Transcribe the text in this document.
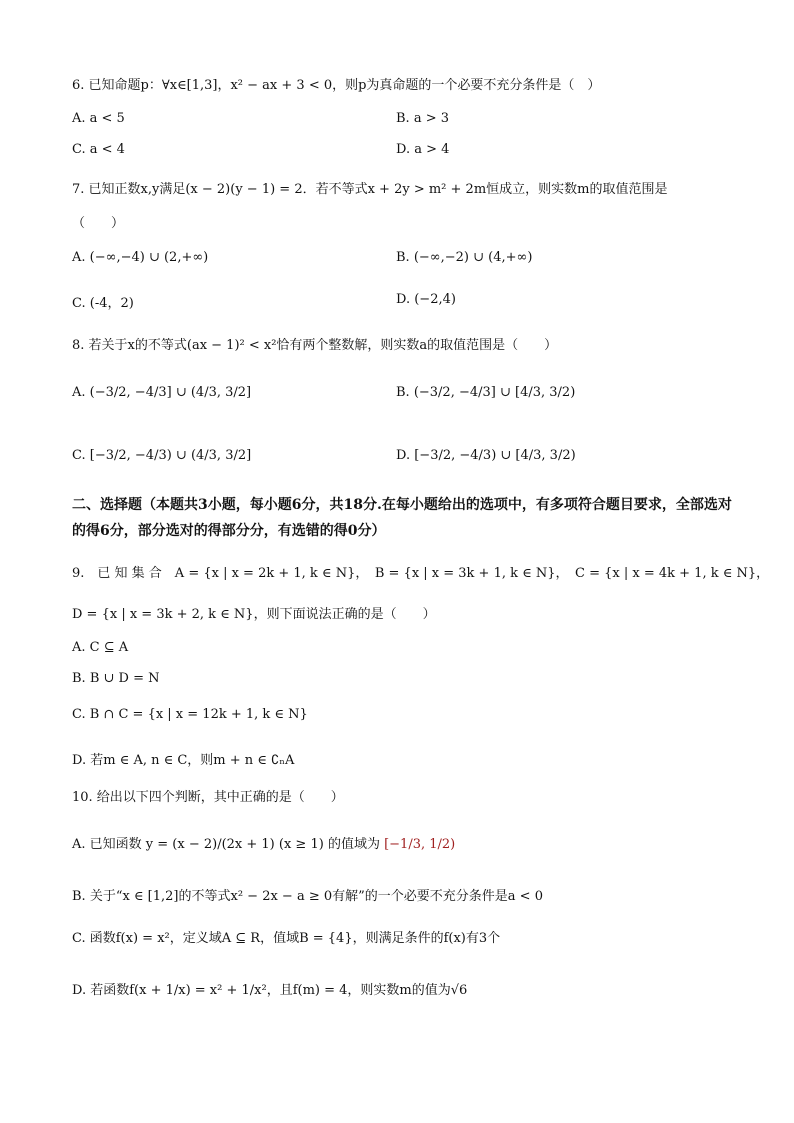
6. 已知命题p：∀x∈[1,3]，x² − ax + 3 < 0，则p为真命题的一个必要不充分条件是（　）
A. a < 5	B. a > 3
C. a < 4	D. a > 4
7. 已知正数x,y满足(x − 2)(y − 1) = 2．若不等式x + 2y > m² + 2m恒成立，则实数m的取值范围是
（　　）
A. (−∞,−4) ∪ (2,+∞)	B. (−∞,−2) ∪ (4,+∞)
C. (-4，2)	D. (−2,4)
8. 若关于x的不等式(ax − 1)² < x²恰有两个整数解，则实数a的取值范围是（　　）
A. (−3/2, −4/3] ∪ (4/3, 3/2]	B. (−3/2, −4/3] ∪ [4/3, 3/2)
C. [−3/2, −4/3) ∪ (4/3, 3/2]	D. [−3/2, −4/3) ∪ [4/3, 3/2)
二、选择题（本题共3小题，每小题6分，共18分.在每小题给出的选项中，有多项符合题目要求，全部选对的得6分，部分选对的得部分分，有选错的得0分）
9.　已 知 集 合　A = {x | x = 2k + 1, k ∈ N}，　B = {x | x = 3k + 1, k ∈ N}，　C = {x | x = 4k + 1, k ∈ N}，
D = {x | x = 3k + 2, k ∈ N}，则下面说法正确的是（　　）
A. C ⊆ A
B. B ∪ D = N
C. B ∩ C = {x | x = 12k + 1, k ∈ N}
D. 若m ∈ A, n ∈ C，则m + n ∈ ∁ₙA
10. 给出以下四个判断，其中正确的是（　　）
A. 已知函数 y = (x − 2)/(2x + 1) (x ≥ 1) 的值域为 [−1/3, 1/2)
B. 关于“x ∈ [1,2]的不等式x² − 2x − a ≥ 0有解”的一个必要不充分条件是a < 0
C. 函数f(x) = x²，定义域A ⊆ R，值域B = {4}，则满足条件的f(x)有3个
D. 若函数f(x + 1/x) = x² + 1/x²，且f(m) = 4，则实数m的值为√6
